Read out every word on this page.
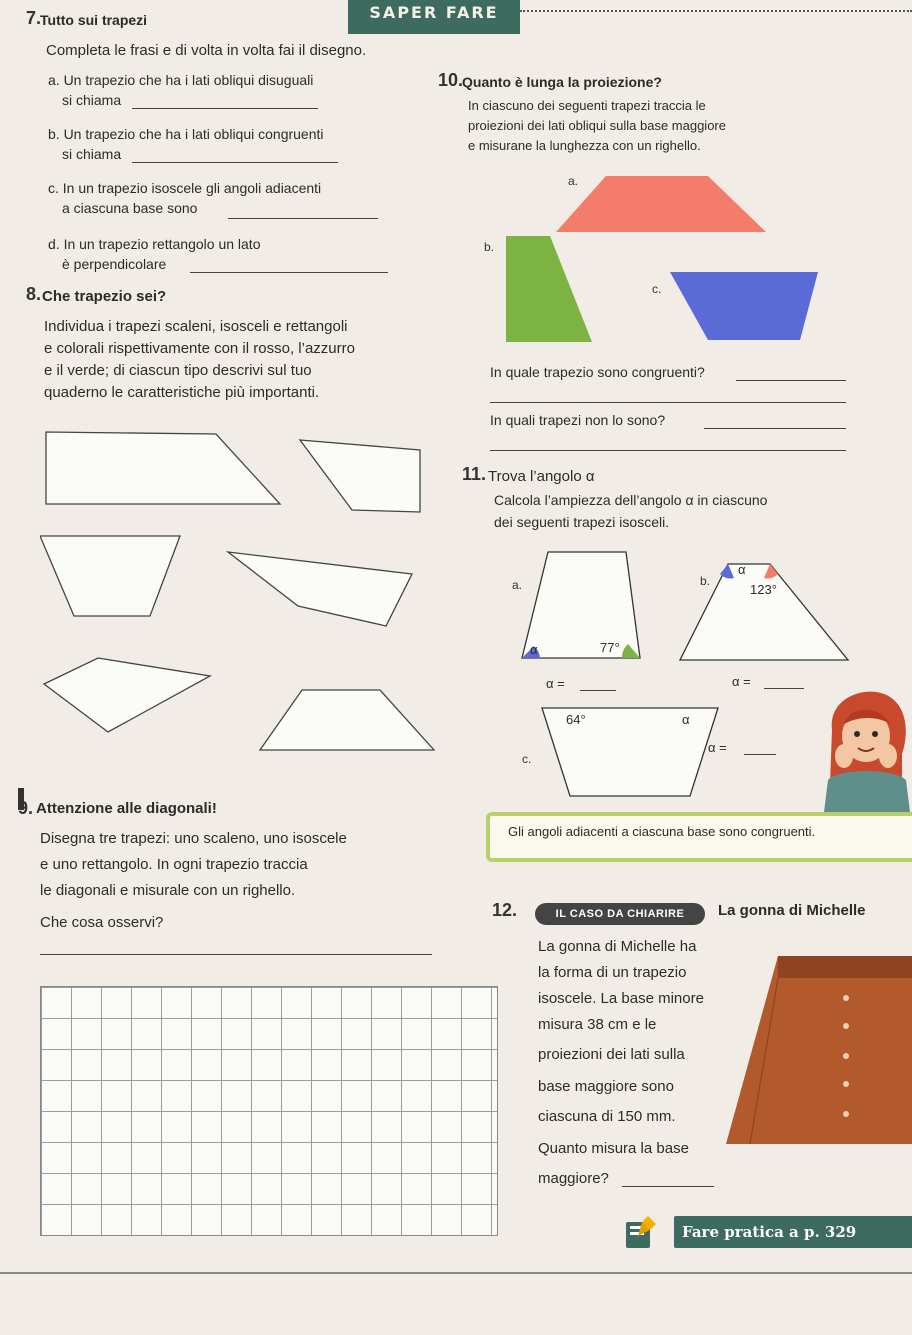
SAPER FARE
7.
Tutto sui trapezi
Completa le frasi e di volta in volta fai il disegno.
a. Un trapezio che ha i lati obliqui disuguali
si chiama
b. Un trapezio che ha i lati obliqui congruenti
si chiama
c. In un trapezio isoscele gli angoli adiacenti
a ciascuna base sono
d. In un trapezio rettangolo un lato
è perpendicolare
8. Che trapezio sei?
Individua i trapezi scaleni, isosceli e rettangoli
e colorali rispettivamente con il rosso, l’azzurro
e il verde; di ciascun tipo descrivi sul tuo
quaderno le caratteristiche più importanti.
9. Attenzione alle diagonali!
Disegna tre trapezi: uno scaleno, uno isoscele
e uno rettangolo. In ogni trapezio traccia
le diagonali e misurale con un righello.
Che cosa osservi?
10.
Quanto è lunga la proiezione?
In ciascuno dei seguenti trapezi traccia le
proiezioni dei lati obliqui sulla base maggiore
e misurane la lunghezza con un righello.
a.
b.
c.
In quale trapezio sono congruenti?
In quali trapezi non lo sono?
11. Trova l’angolo α
Calcola l’ampiezza dell’angolo α in ciascuno
dei seguenti trapezi isosceli.
a.
α	77°
α =
b.
α
123°
α =
c.
64°	α
α =
Gli angoli adiacenti a ciascuna base sono congruenti.
12.	IL CASO DA CHIARIRE	La gonna di Michelle
La gonna di Michelle ha
la forma di un trapezio
isoscele. La base minore
misura 38 cm e le
proiezioni dei lati sulla
base maggiore sono
ciascuna di 150 mm.
Quanto misura la base
maggiore?
Fare pratica a p. 329
